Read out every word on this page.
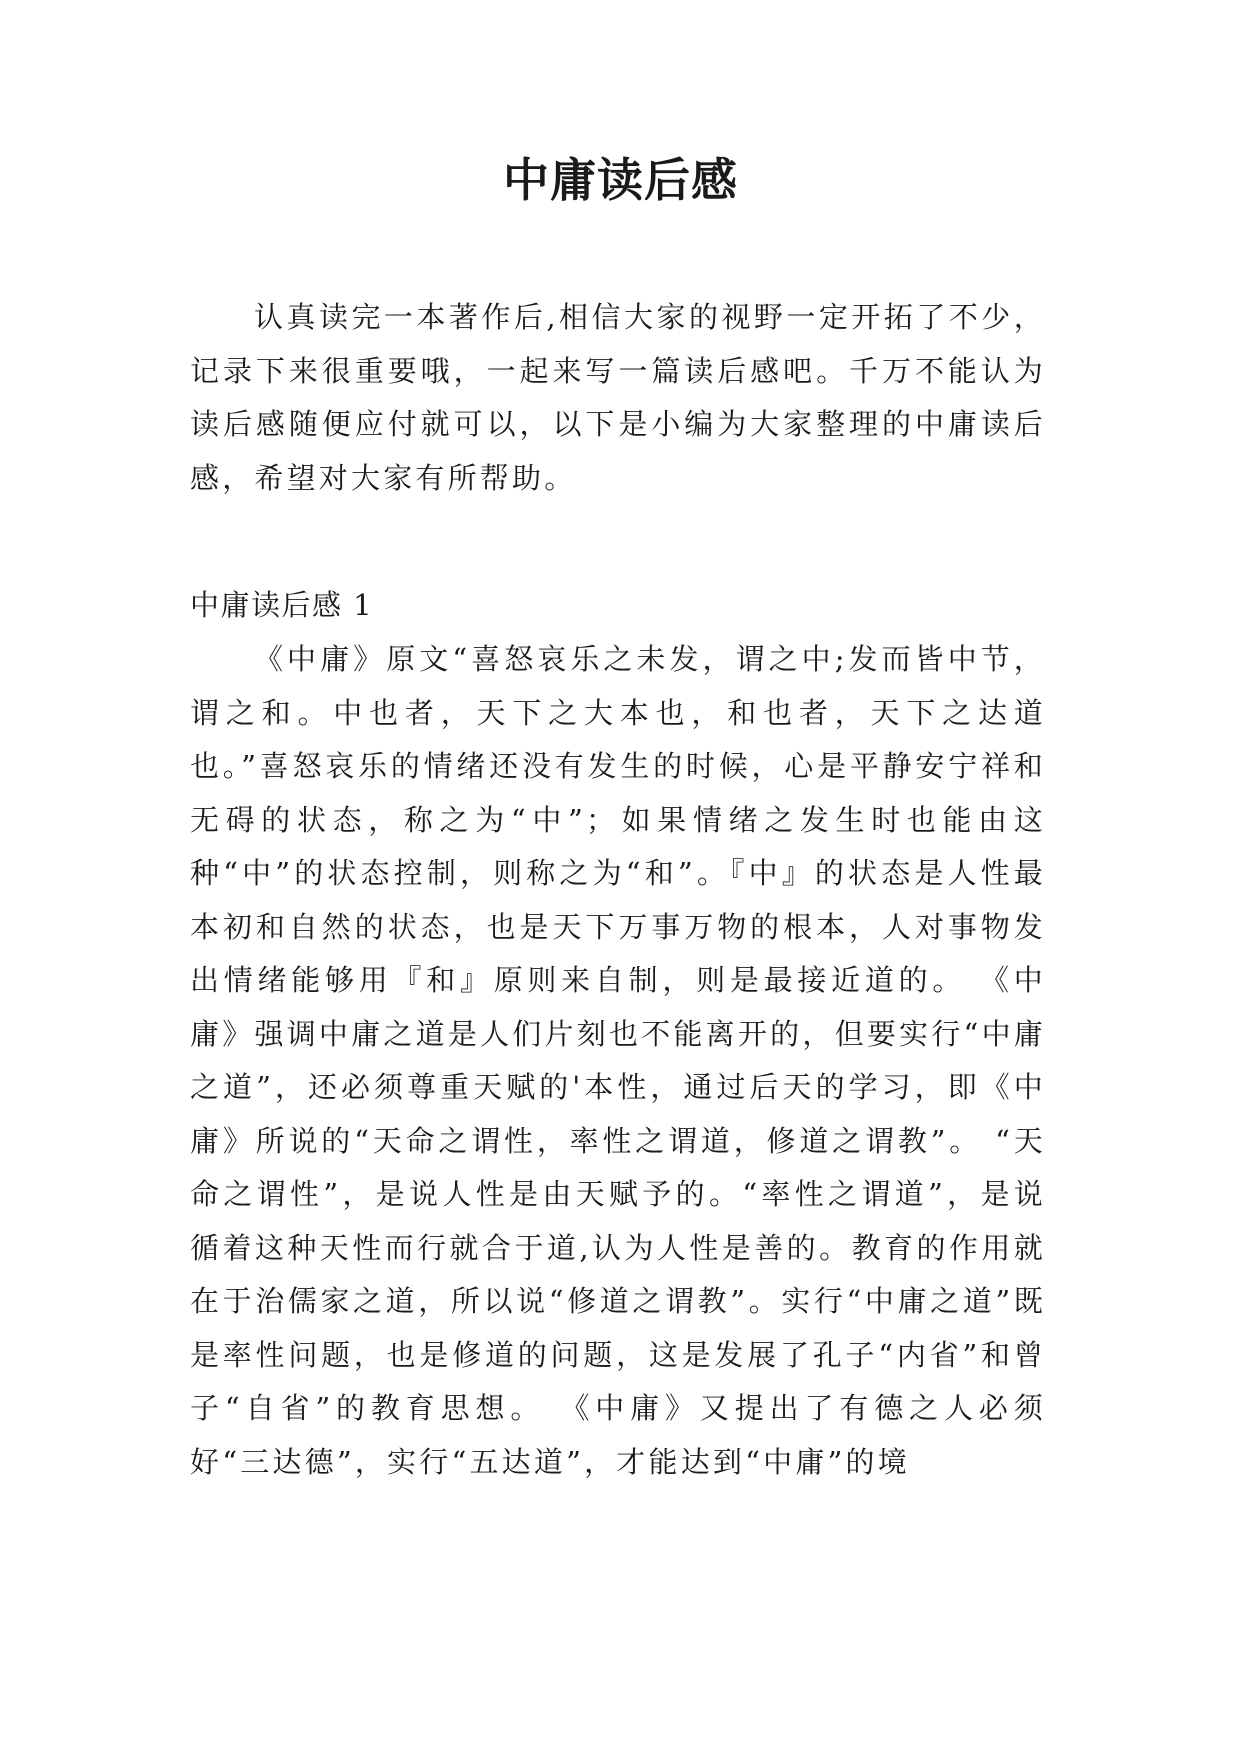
中庸读后感

认真读完一本著作后,相信大家的视野一定开拓了不少，记录下来很重要哦，一起来写一篇读后感吧。千万不能认为读后感随便应付就可以，以下是小编为大家整理的中庸读后感，希望对大家有所帮助。

中庸读后感 1

《中庸》原文“喜怒哀乐之未发，谓之中;发而皆中节，谓之和。中也者，天下之大本也，和也者，天下之达道也。”喜怒哀乐的情绪还没有发生的时候，心是平静安宁祥和无碍的状态，称之为“中”；如果情绪之发生时也能由这种“中”的状态控制，则称之为“和”。『中』的状态是人性最本初和自然的状态，也是天下万事万物的根本，人对事物发出情绪能够用『和』原则来自制，则是最接近道的。 《中庸》强调中庸之道是人们片刻也不能离开的，但要实行“中庸之道”，还必须尊重天赋的'本性，通过后天的学习，即《中庸》所说的“天命之谓性，率性之谓道，修道之谓教”。 “天命之谓性”，是说人性是由天赋予的。“率性之谓道”，是说循着这种天性而行就合于道,认为人性是善的。教育的作用就在于治儒家之道，所以说“修道之谓教”。实行“中庸之道”既是率性问题，也是修道的问题，这是发展了孔子“内省”和曾子“自省”的教育思想。 《中庸》又提出了有德之人必须好“三达德”，实行“五达道”，才能达到“中庸”的境
